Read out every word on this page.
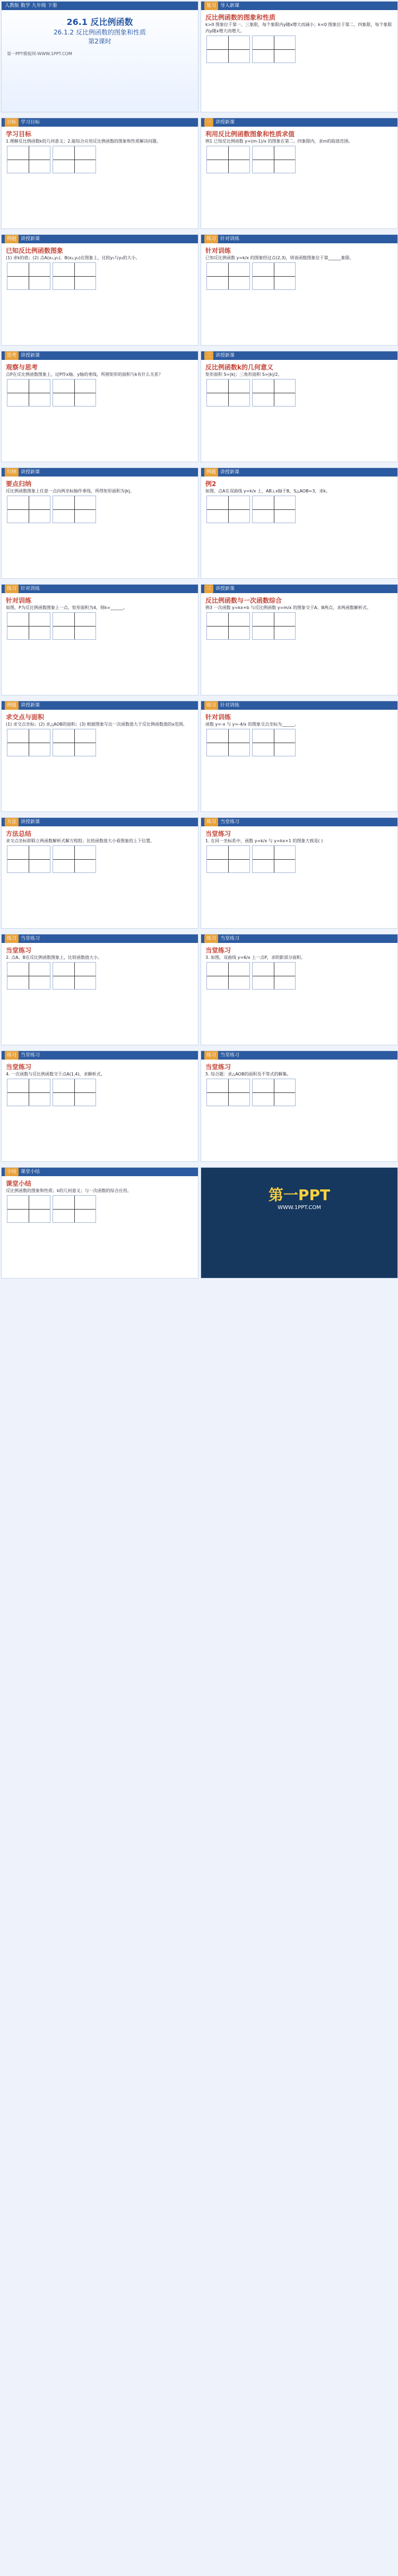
人教版 数学 九年级 下册
26.1 反比例函数
26.1.2 反比例函数的图象和性质
第2课时
第一PPT模板网-WWW.1PPT.COM
复习 导入新课
反比例函数的图象和性质
k>0 图象位于第一、三象限，每个象限内y随x增大而减小；k<0 图象位于第二、四象限，每个象限内y随x增大而增大。
目标 学习目标
学习目标
1.理解反比例函数k的几何意义；2.能综合应用反比例函数的图象和性质解决问题。
一 讲授新课
利用反比例函数图象和性质求值
例1 已知反比例函数 y=(m-1)/x 的图象在第二、四象限内，求m的取值范围。
例题 讲授新课
已知反比例函数图象
(1) 求k的值；(2) 点A(x₁,y₁)、B(x₂,y₂)在图象上，比较y₁与y₂的大小。
练习 针对训练
针对训练
已知反比例函数 y=k/x 的图象经过点(2,3)，则该函数图象位于第______象限。
思考 讲授新课
观察与思考
点P在反比例函数图象上，过P作x轴、y轴的垂线，所围矩形的面积与k有什么关系？
二 讲授新课
反比例函数k的几何意义
矩形面积 S=|k|；三角形面积 S=|k|/2。
归纳 讲授新课
要点归纳
反比例函数图象上任意一点向两坐标轴作垂线，所得矩形面积为|k|。
例题 讲授新课
例2
如图，点A在双曲线 y=k/x 上，AB⊥x轴于B，S△AOB=3，求k。
练习 针对训练
针对训练
如图，P为反比例函数图象上一点，矩形面积为4，则k=______。
三 讲授新课
反比例函数与一次函数综合
例3 一次函数 y=kx+b 与反比例函数 y=m/x 的图象交于A、B两点，求两函数解析式。
例题 讲授新课
求交点与面积
(1) 求交点坐标；(2) 求△AOB的面积；(3) 根据图象写出一次函数值大于反比例函数值的x范围。
练习 针对训练
针对训练
函数 y=-x 与 y=-4/x 的图象交点坐标为______。
方法 讲授新课
方法总结
求交点坐标即联立两函数解析式解方程组；比较函数值大小看图象的上下位置。
练习 当堂练习
当堂练习
1. 在同一坐标系中，函数 y=k/x 与 y=kx+1 的图象大致是( )
练习 当堂练习
当堂练习
2. 点A、B在反比例函数图象上，比较函数值大小。
练习 当堂练习
当堂练习
3. 如图，双曲线 y=6/x 上一点P，求阴影部分面积。
练习 当堂练习
当堂练习
4. 一次函数与反比例函数交于点A(1,4)，求解析式。
练习 当堂练习
当堂练习
5. 综合题：求△AOB的面积及不等式的解集。
小结 课堂小结
课堂小结
反比例函数的图象和性质；k的几何意义；与一次函数的综合应用。	第一PPT
WWW.1PPT.COM
